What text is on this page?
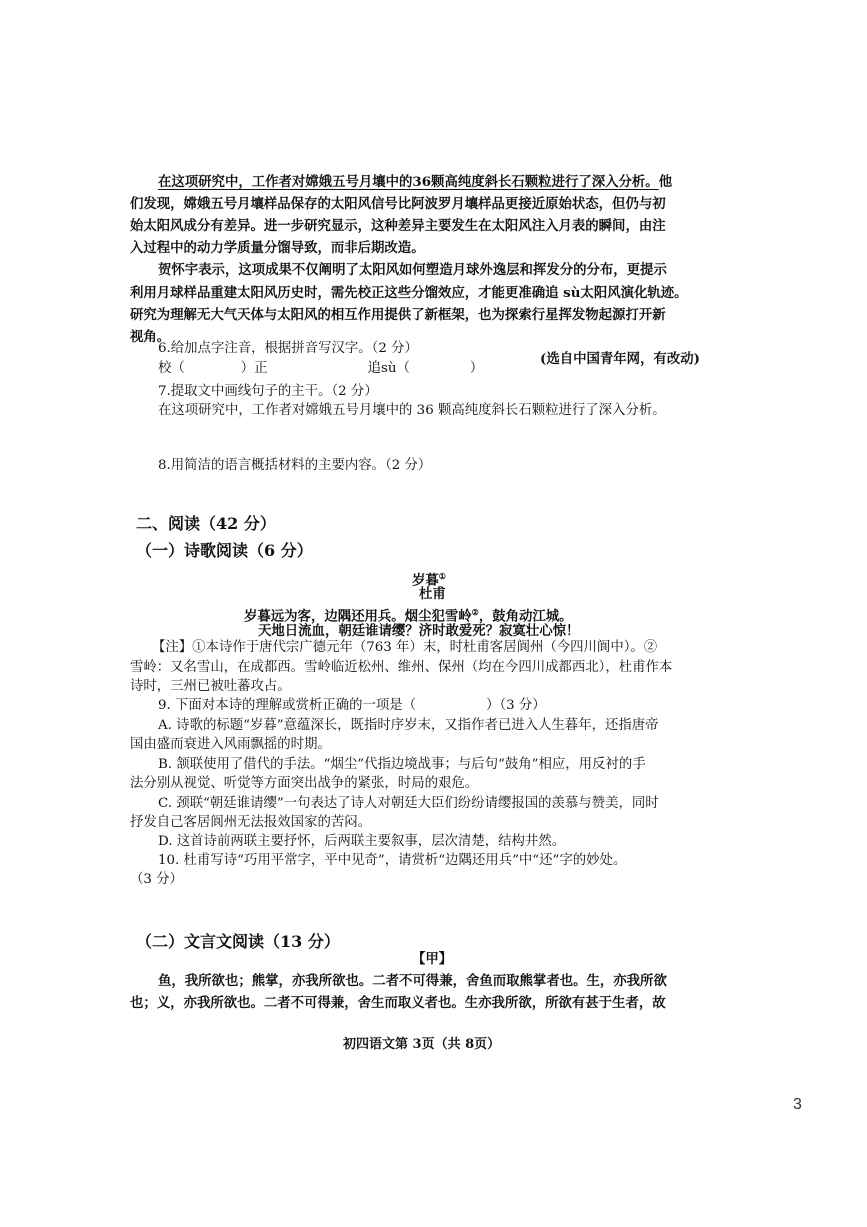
在这项研究中，工作者对嫦娥五号月壤中的36颗高纯度斜长石颗粒进行了深入分析。他
们发现，嫦娥五号月壤样品保存的太阳风信号比阿波罗月壤样品更接近原始状态，但仍与初
始太阳风成分有差异。进一步研究显示，这种差异主要发生在太阳风注入月表的瞬间，由注
入过程中的动力学质量分馏导致，而非后期改造。
贺怀宇表示，这项成果不仅阐明了太阳风如何塑造月球外逸层和挥发分的分布，更提示
利用月球样品重建太阳风历史时，需先校正这些分馏效应，才能更准确追 sù太阳风演化轨迹。
研究为理解无大气天体与太阳风的相互作用提供了新框架，也为探索行星挥发物起源打开新
视角。
(选自中国青年网，有改动)
6.给加点字注音，根据拼音写汉字。（2 分）
校（	）正	追sù（	）
7.提取文中画线句子的主干。（2 分）
在这项研究中，工作者对嫦娥五号月壤中的 36 颗高纯度斜长石颗粒进行了深入分析。
8.用简洁的语言概括材料的主要内容。（2 分）
二、阅读（42 分）
（一）诗歌阅读（6 分）
岁暮①
杜甫
岁暮远为客，边隅还用兵。烟尘犯雪岭②，鼓角动江城。
天地日流血，朝廷谁请缨？济时敢爱死？寂寞壮心惊！
【注】①本诗作于唐代宗广德元年（763 年）末，时杜甫客居阆州（今四川阆中）。②
雪岭：又名雪山，在成都西。雪岭临近松州、维州、保州（均在今四川成都西北），杜甫作本
诗时，三州已被吐蕃攻占。
9. 下面对本诗的理解或赏析正确的一项是（	）（3 分）
A. 诗歌的标题“岁暮”意蕴深长，既指时序岁末，又指作者已进入人生暮年，还指唐帝
国由盛而衰进入风雨飘摇的时期。
B. 颔联使用了借代的手法。“烟尘”代指边境战事；与后句“鼓角”相应，用反衬的手
法分别从视觉、听觉等方面突出战争的紧张，时局的艰危。
C. 颈联“朝廷谁请缨”一句表达了诗人对朝廷大臣们纷纷请缨报国的羡慕与赞美，同时
抒发自己客居阆州无法报效国家的苦闷。
D. 这首诗前两联主要抒怀，后两联主要叙事，层次清楚，结构井然。
10. 杜甫写诗“巧用平常字，平中见奇”，请赏析“边隅还用兵”中“还”字的妙处。
（3 分）
（二）文言文阅读（13 分）
【甲】
鱼，我所欲也；熊掌，亦我所欲也。二者不可得兼，舍鱼而取熊掌者也。生，亦我所欲
也；义，亦我所欲也。二者不可得兼，舍生而取义者也。生亦我所欲，所欲有甚于生者，故
初四语文第 3页（共 8页）
3
